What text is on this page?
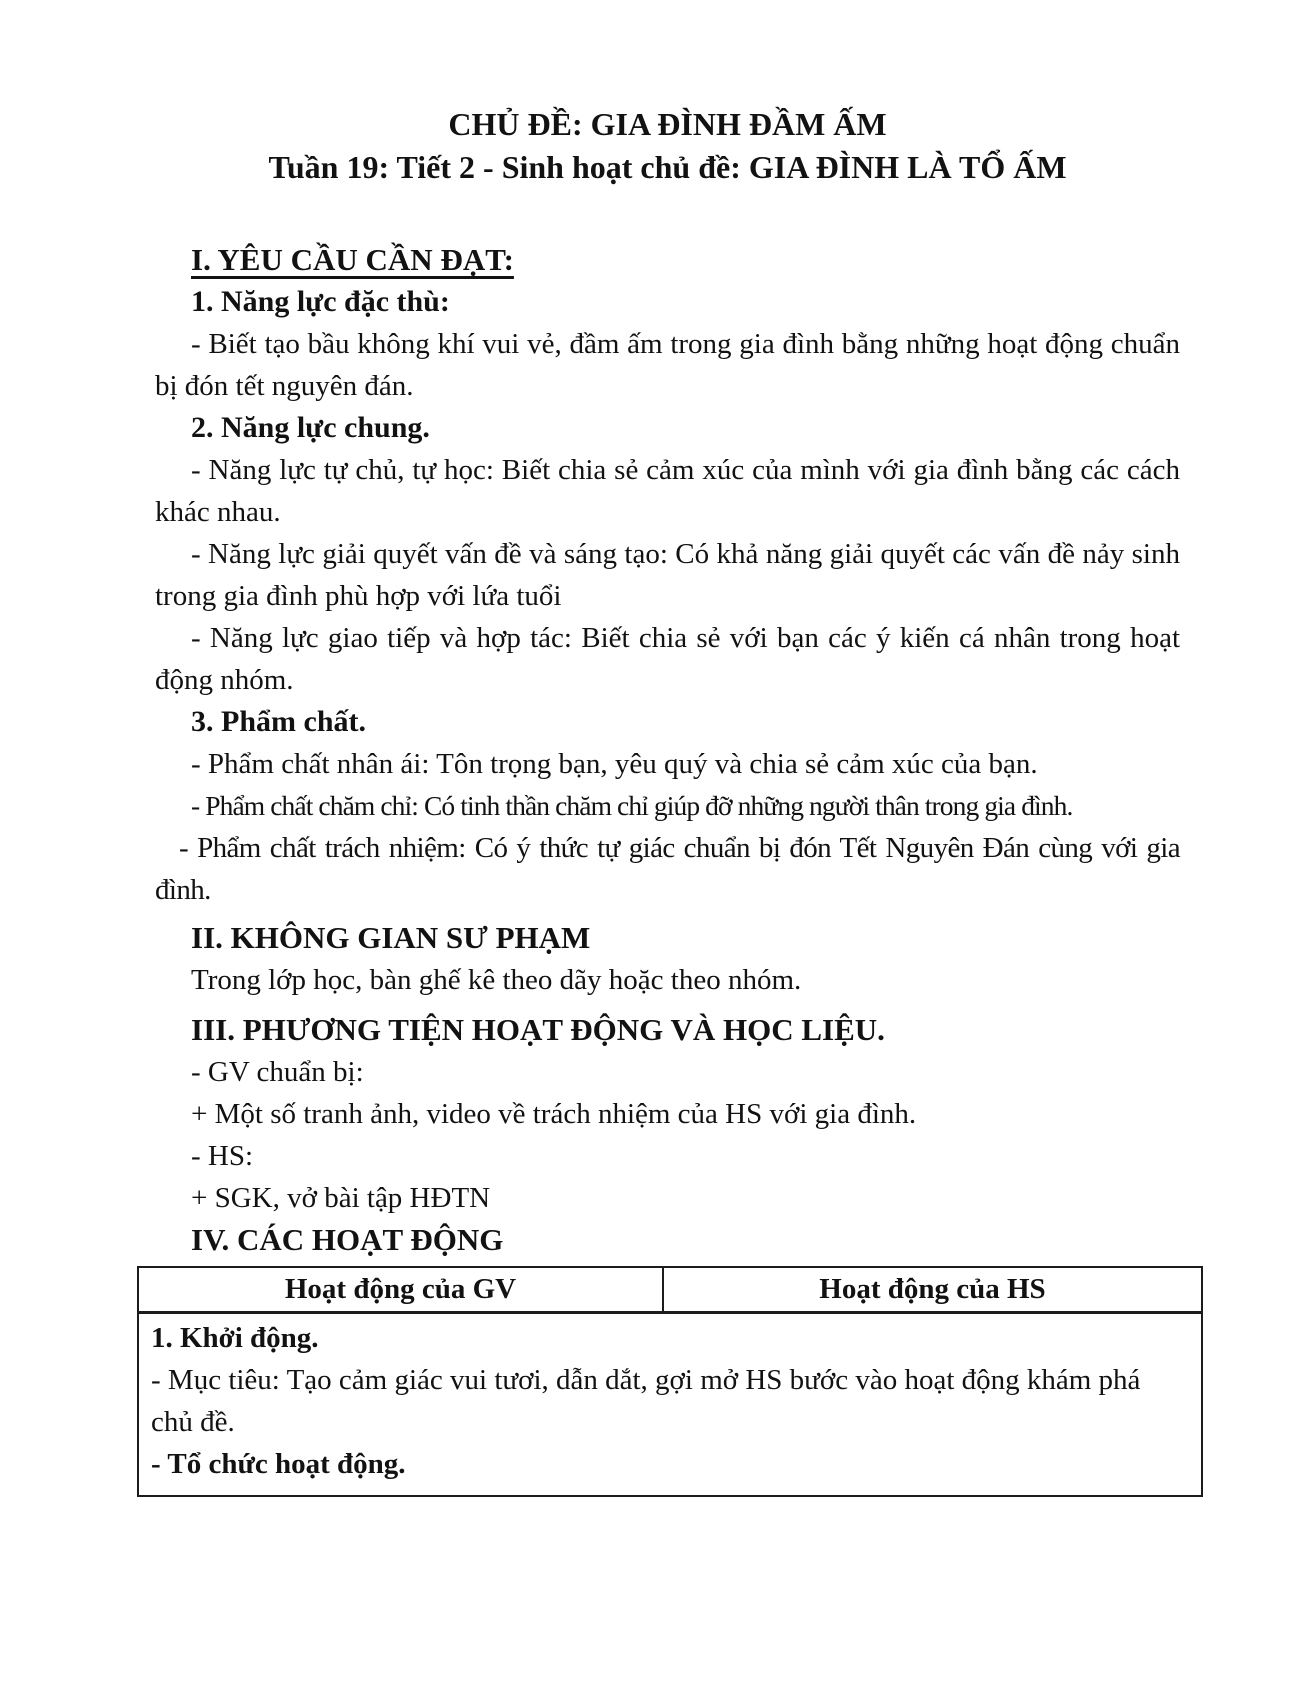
CHỦ ĐỀ: GIA ĐÌNH ĐẦM ẤM

Tuần 19: Tiết 2 - Sinh hoạt chủ đề: GIA ĐÌNH LÀ TỔ ẤM

I. YÊU CẦU CẦN ĐẠT:

1. Năng lực đặc thù:

- Biết tạo bầu không khí vui vẻ, đầm ấm trong gia đình bằng những hoạt động chuẩn bị đón tết nguyên đán.

2. Năng lực chung.

- Năng lực tự chủ, tự học: Biết chia sẻ cảm xúc của mình với gia đình bằng các cách khác nhau.

- Năng lực giải quyết vấn đề và sáng tạo: Có khả năng giải quyết các vấn đề nảy sinh trong gia đình phù hợp với lứa tuổi

- Năng lực giao tiếp và hợp tác: Biết chia sẻ với bạn các ý kiến cá nhân trong hoạt động nhóm.

3. Phẩm chất.

- Phẩm chất nhân ái: Tôn trọng bạn, yêu quý và chia sẻ cảm xúc của bạn.

- Phẩm chất chăm chỉ: Có tinh thần chăm chỉ giúp đỡ những người thân trong gia đình.

- Phẩm chất trách nhiệm: Có ý thức tự giác chuẩn bị đón Tết Nguyên Đán cùng với gia đình.

II. KHÔNG GIAN SƯ PHẠM

Trong lớp học, bàn ghế kê theo dãy hoặc theo nhóm.

III. PHƯƠNG TIỆN HOẠT ĐỘNG VÀ HỌC LIỆU.

- GV chuẩn bị:

+ Một số tranh ảnh, video về trách nhiệm của HS với gia đình.

- HS:

+ SGK, vở bài tập HĐTN

IV. CÁC HOẠT ĐỘNG

Hoạt động của GV	Hoạt động của HS

1. Khởi động.

- Mục tiêu: Tạo cảm giác vui tươi, dẫn dắt, gợi mở HS bước vào hoạt động khám phá chủ đề.

- Tổ chức hoạt động.
